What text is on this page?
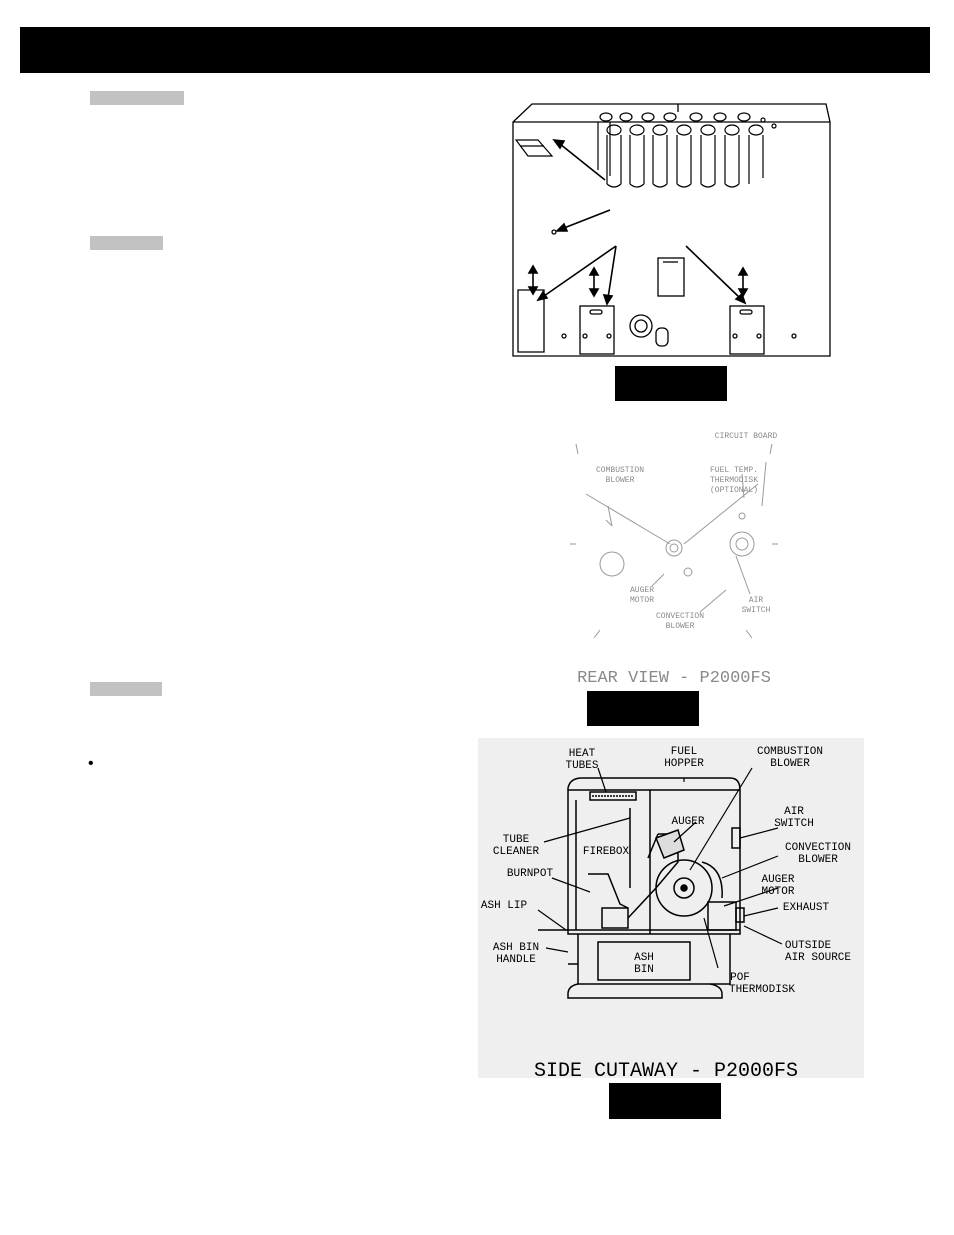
•
CIRCUIT BOARD
COMBUSTION
BLOWER
FUEL TEMP.
THERMODISK
(OPTIONAL)
AUGER
MOTOR
CONVECTION
BLOWER
AIR
SWITCH
REAR VIEW - P2000FS
HEAT
TUBES
FUEL
HOPPER
COMBUSTION
BLOWER
AIR
SWITCH
AUGER
TUBE
CLEANER	FIREBOX	CONVECTION
BLOWER
BURNPOT	AUGER
MOTOR
ASH LIP	EXHAUST
ASH BIN
HANDLE	ASH
BIN
OUTSIDE
AIR SOURCE
POF
THERMODISK
SIDE CUTAWAY - P2000FS
